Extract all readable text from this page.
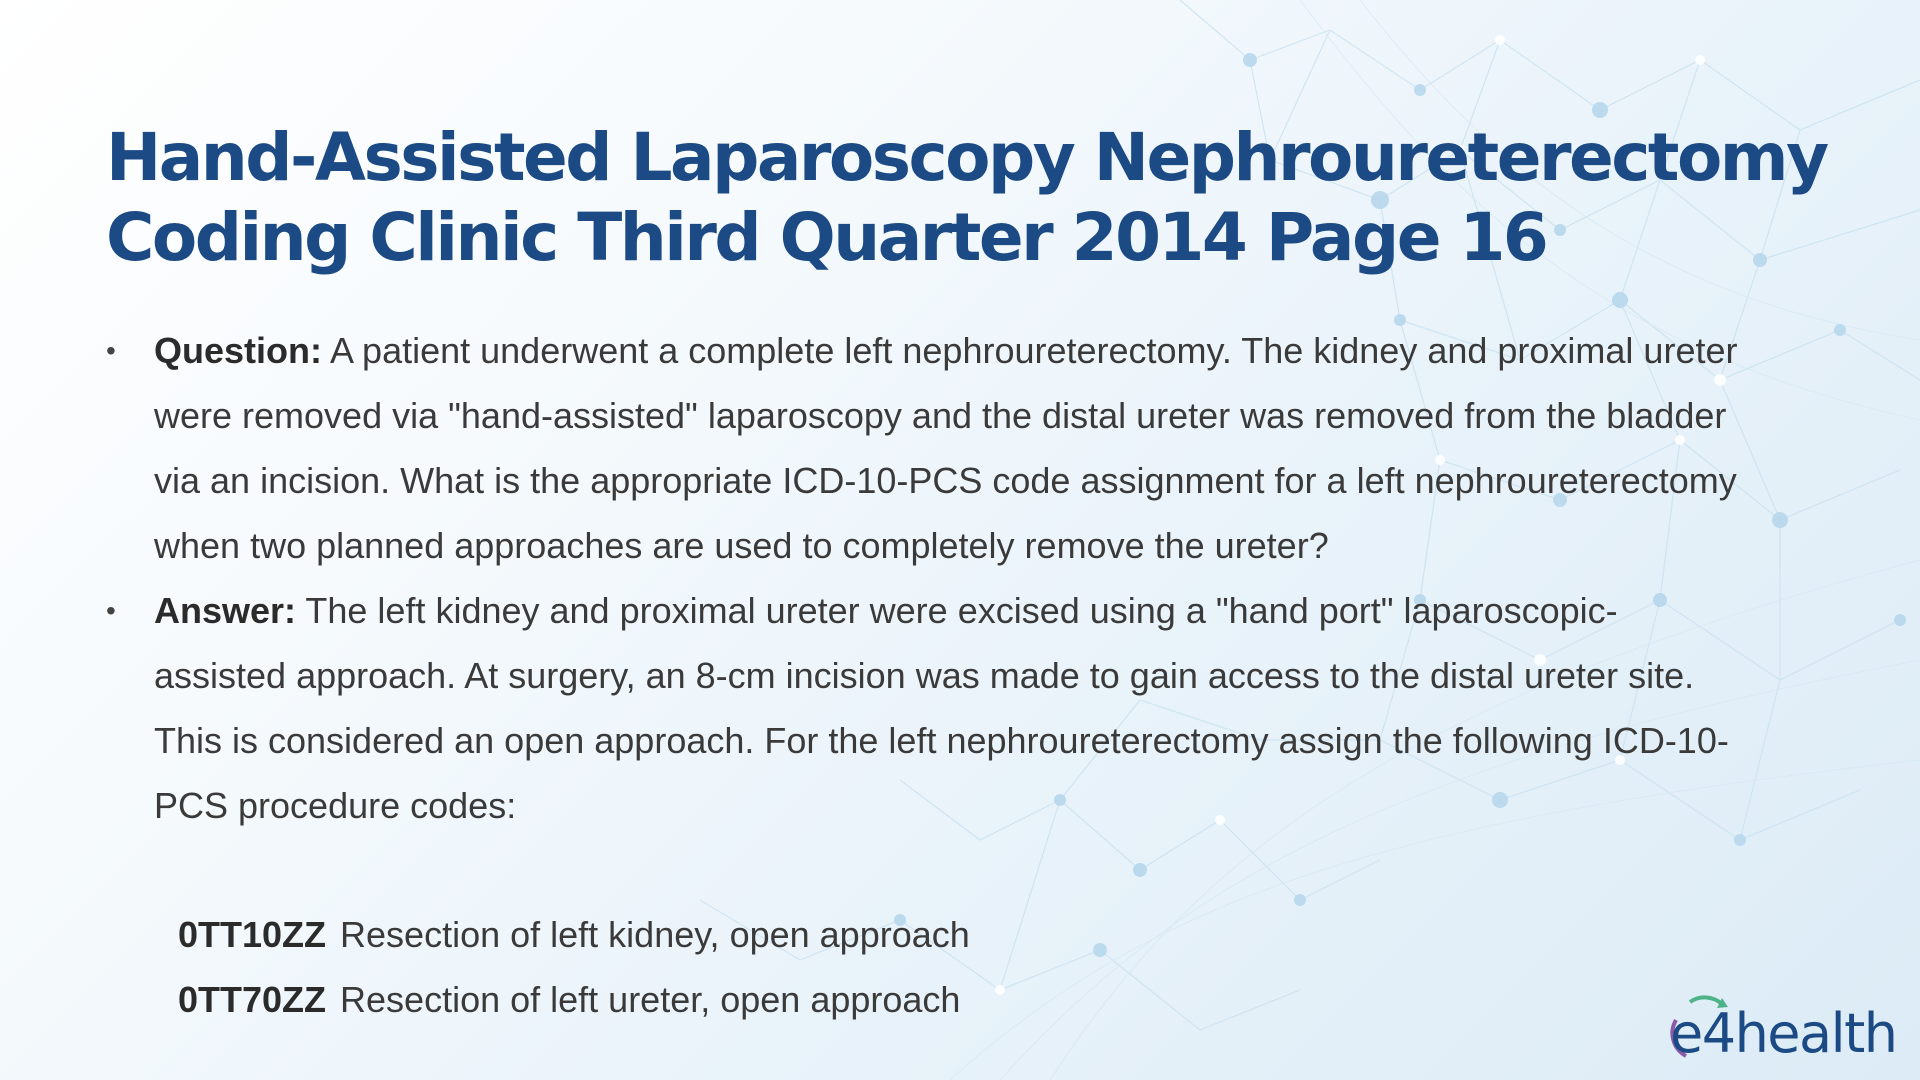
Hand-Assisted Laparoscopy Nephroureterectomy
Coding Clinic Third Quarter 2014 Page 16
• Question: A patient underwent a complete left nephroureterectomy. The kidney and proximal ureter were removed via "hand-assisted" laparoscopy and the distal ureter was removed from the bladder via an incision. What is the appropriate ICD-10-PCS code assignment for a left nephroureterectomy when two planned approaches are used to completely remove the ureter?
• Answer: The left kidney and proximal ureter were excised using a "hand port" laparoscopic-assisted approach. At surgery, an 8-cm incision was made to gain access to the distal ureter site. This is considered an open approach. For the left nephroureterectomy assign the following ICD-10-PCS procedure codes:
0TT10ZZ Resection of left kidney, open approach
0TT70ZZ Resection of left ureter, open approach
e4health
